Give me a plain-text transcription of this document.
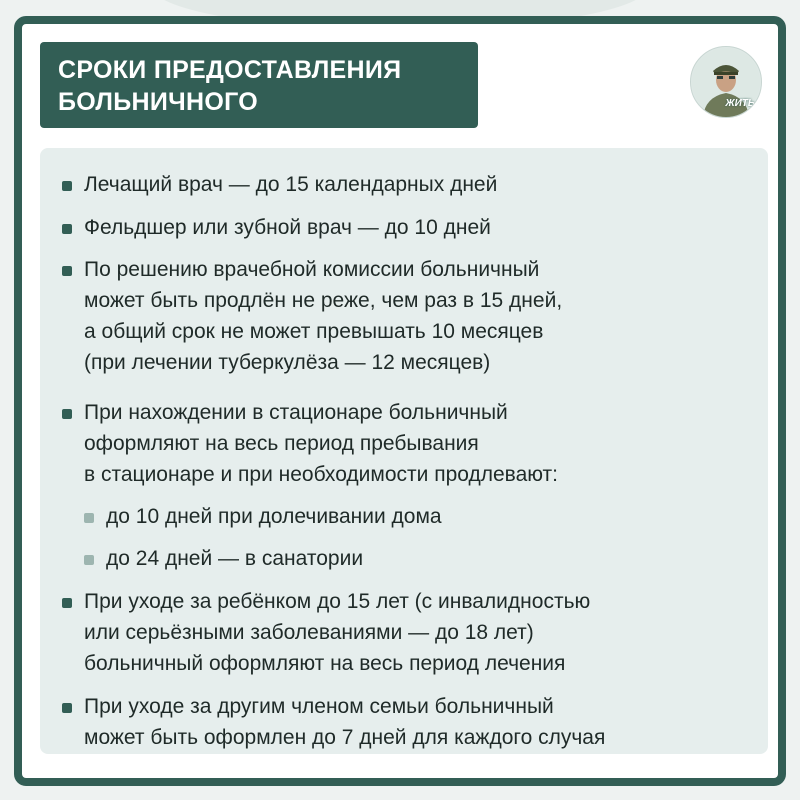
СРОКИ ПРЕДОСТАВЛЕНИЯ
БОЛЬНИЧНОГО	ЖИТЬ
Лечащий врач — до 15 календарных дней
Фельдшер или зубной врач — до 10 дней
По решению врачебной комиссии больничный
может быть продлён не реже, чем раз в 15 дней,
а общий срок не может превышать 10 месяцев
(при лечении туберкулёза — 12 месяцев)
При нахождении в стационаре больничный
оформляют на весь период пребывания
в стационаре и при необходимости продлевают:
до 10 дней при долечивании дома
до 24 дней — в санатории
При уходе за ребёнком до 15 лет (с инвалидностью
или серьёзными заболеваниями — до 18 лет)
больничный оформляют на весь период лечения
При уходе за другим членом семьи больничный
может быть оформлен до 7 дней для каждого случая
